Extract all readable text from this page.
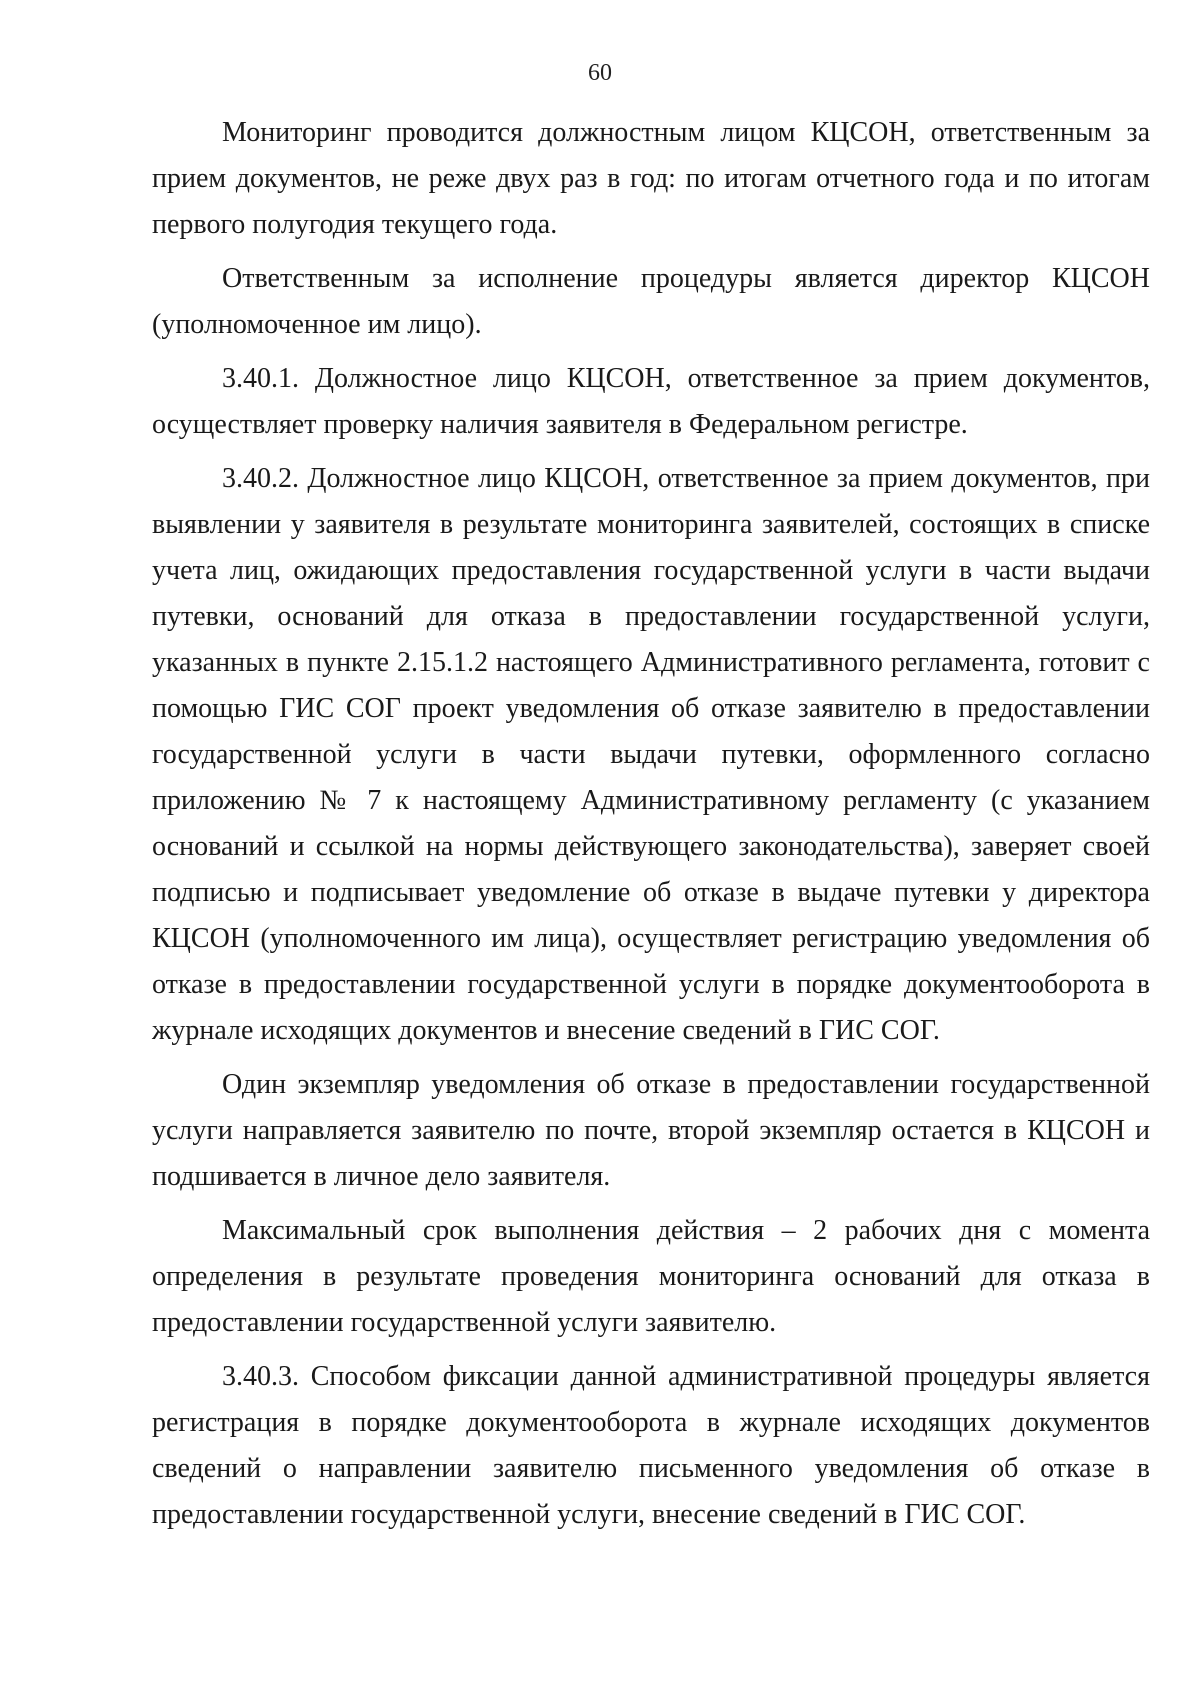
60

Мониторинг проводится должностным лицом КЦСОН, ответственным за прием документов, не реже двух раз в год: по итогам отчетного года и по итогам первого полугодия текущего года.

Ответственным за исполнение процедуры является директор КЦСОН (уполномоченное им лицо).

3.40.1. Должностное лицо КЦСОН, ответственное за прием документов, осуществляет проверку наличия заявителя в Федеральном регистре.

3.40.2. Должностное лицо КЦСОН, ответственное за прием документов, при выявлении у заявителя в результате мониторинга заявителей, состоящих в списке учета лиц, ожидающих предоставления государственной услуги в части выдачи путевки, оснований для отказа в предоставлении государственной услуги, указанных в пункте 2.15.1.2 настоящего Административного регламента, готовит с помощью ГИС СОГ проект уведомления об отказе заявителю в предоставлении государственной услуги в части выдачи путевки, оформленного согласно приложению № 7 к настоящему Административному регламенту (с указанием оснований и ссылкой на нормы действующего законодательства), заверяет своей подписью и подписывает уведомление об отказе в выдаче путевки у директора КЦСОН (уполномоченного им лица), осуществляет регистрацию уведомления об отказе в предоставлении государственной услуги в порядке документооборота в журнале исходящих документов и внесение сведений в ГИС СОГ.

Один экземпляр уведомления об отказе в предоставлении государственной услуги направляется заявителю по почте, второй экземпляр остается в КЦСОН и подшивается в личное дело заявителя.

Максимальный срок выполнения действия – 2 рабочих дня с момента определения в результате проведения мониторинга оснований для отказа в предоставлении государственной услуги заявителю.

3.40.3. Способом фиксации данной административной процедуры является регистрация в порядке документооборота в журнале исходящих документов сведений о направлении заявителю письменного уведомления об отказе в предоставлении государственной услуги, внесение сведений в ГИС СОГ.
